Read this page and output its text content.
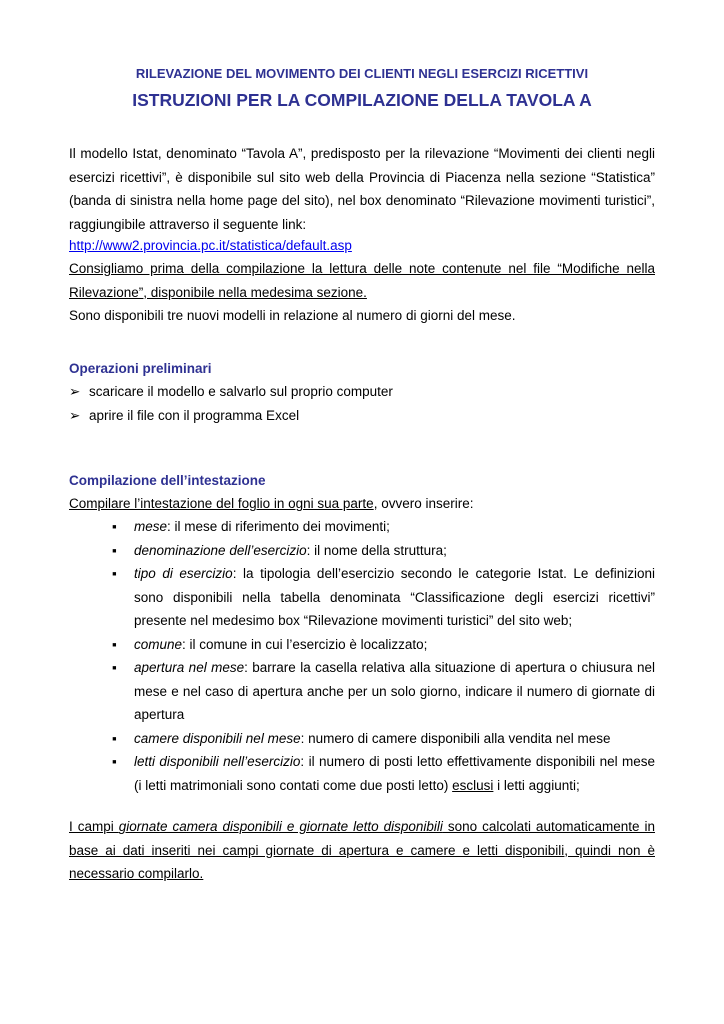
RILEVAZIONE DEL MOVIMENTO DEI CLIENTI NEGLI ESERCIZI RICETTIVI
ISTRUZIONI PER LA COMPILAZIONE DELLA TAVOLA A
Il modello Istat, denominato “Tavola A”, predisposto per la rilevazione “Movimenti dei clienti negli esercizi ricettivi”, è disponibile sul sito web della Provincia di Piacenza nella sezione “Statistica” (banda di sinistra nella home page del sito), nel box denominato “Rilevazione movimenti turistici”, raggiungibile attraverso il seguente link:
http://www2.provincia.pc.it/statistica/default.asp
Consigliamo prima della compilazione la lettura delle note contenute nel file “Modifiche nella Rilevazione”, disponibile nella medesima sezione.
Sono disponibili tre nuovi modelli in relazione al numero di giorni del mese.
Operazioni preliminari
➢ scaricare il modello e salvarlo sul proprio computer
➢ aprire il file con il programma Excel
Compilazione dell’intestazione
Compilare l’intestazione del foglio in ogni sua parte, ovvero inserire:
▪ mese: il mese di riferimento dei movimenti;
▪ denominazione dell’esercizio: il nome della struttura;
▪ tipo di esercizio: la tipologia dell’esercizio secondo le categorie Istat. Le definizioni sono disponibili nella tabella denominata “Classificazione degli esercizi ricettivi” presente nel medesimo box “Rilevazione movimenti turistici” del sito web;
▪ comune: il comune in cui l’esercizio è localizzato;
▪ apertura nel mese: barrare la casella relativa alla situazione di apertura o chiusura nel mese e nel caso di apertura anche per un solo giorno, indicare il numero di giornate di apertura
▪ camere disponibili nel mese: numero di camere disponibili alla vendita nel mese
▪ letti disponibili nell’esercizio: il numero di posti letto effettivamente disponibili nel mese (i letti matrimoniali sono contati come due posti letto) esclusi i letti aggiunti;
I campi giornate camera disponibili e giornate letto disponibili sono calcolati automaticamente in base ai dati inseriti nei campi giornate di apertura e camere e letti disponibili, quindi non è necessario compilarlo.
